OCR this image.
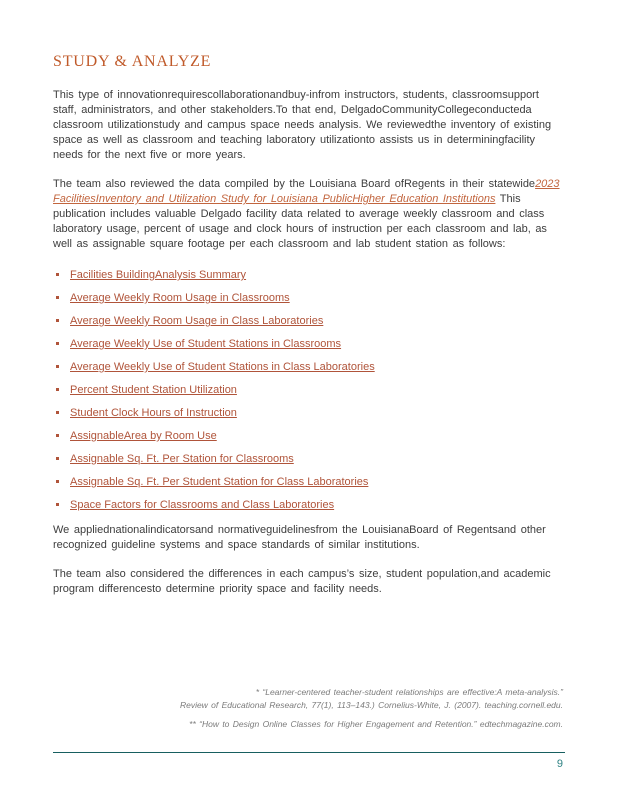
STUDY & ANALYZE

This type of innovationrequirescollaborationandbuy-infrom instructors, students, classroomsupport staff, administrators, and other stakeholders.To that end, DelgadoCommunityCollegeconducteda classroom utilizationstudy and campus space needs analysis. We reviewedthe inventory of existing space as well as classroom and teaching laboratory utilizationto assists us in determiningfacility needs for the next five or more years.

The team also reviewed the data compiled by the Louisiana Board ofRegents in their statewide2023 FacilitiesInventory and Utilization Study for Louisiana PublicHigher Education Institutions This publication includes valuable Delgado facility data related to average weekly classroom and class laboratory usage, percent of usage and clock hours of instruction per each classroom and lab, as well as assignable square footage per each classroom and lab student station as follows:

Facilities BuildingAnalysis Summary
Average Weekly Room Usage in Classrooms
Average Weekly Room Usage in Class Laboratories
Average Weekly Use of Student Stations in Classrooms
Average Weekly Use of Student Stations in Class Laboratories
Percent Student Station Utilization
Student Clock Hours of Instruction
AssignableArea by Room Use
Assignable Sq. Ft. Per Station for Classrooms
Assignable Sq. Ft. Per Student Station for Class Laboratories
Space Factors for Classrooms and Class Laboratories

We appliednationalindicatorsand normativeguidelinesfrom the LouisianaBoard of Regentsand other recognized guideline systems and space standards of similar institutions.

The team also considered the differences in each campus’s size, student population,and academic program differencesto determine priority space and facility needs.

* “Learner-centered teacher-student relationships are effective:A meta-analysis.”
Review of Educational Research, 77(1), 113–143.) Cornelius-White, J. (2007). teaching.cornell.edu.
** “How to Design Online Classes for Higher Engagement and Retention.” edtechmagazine.com.
9
